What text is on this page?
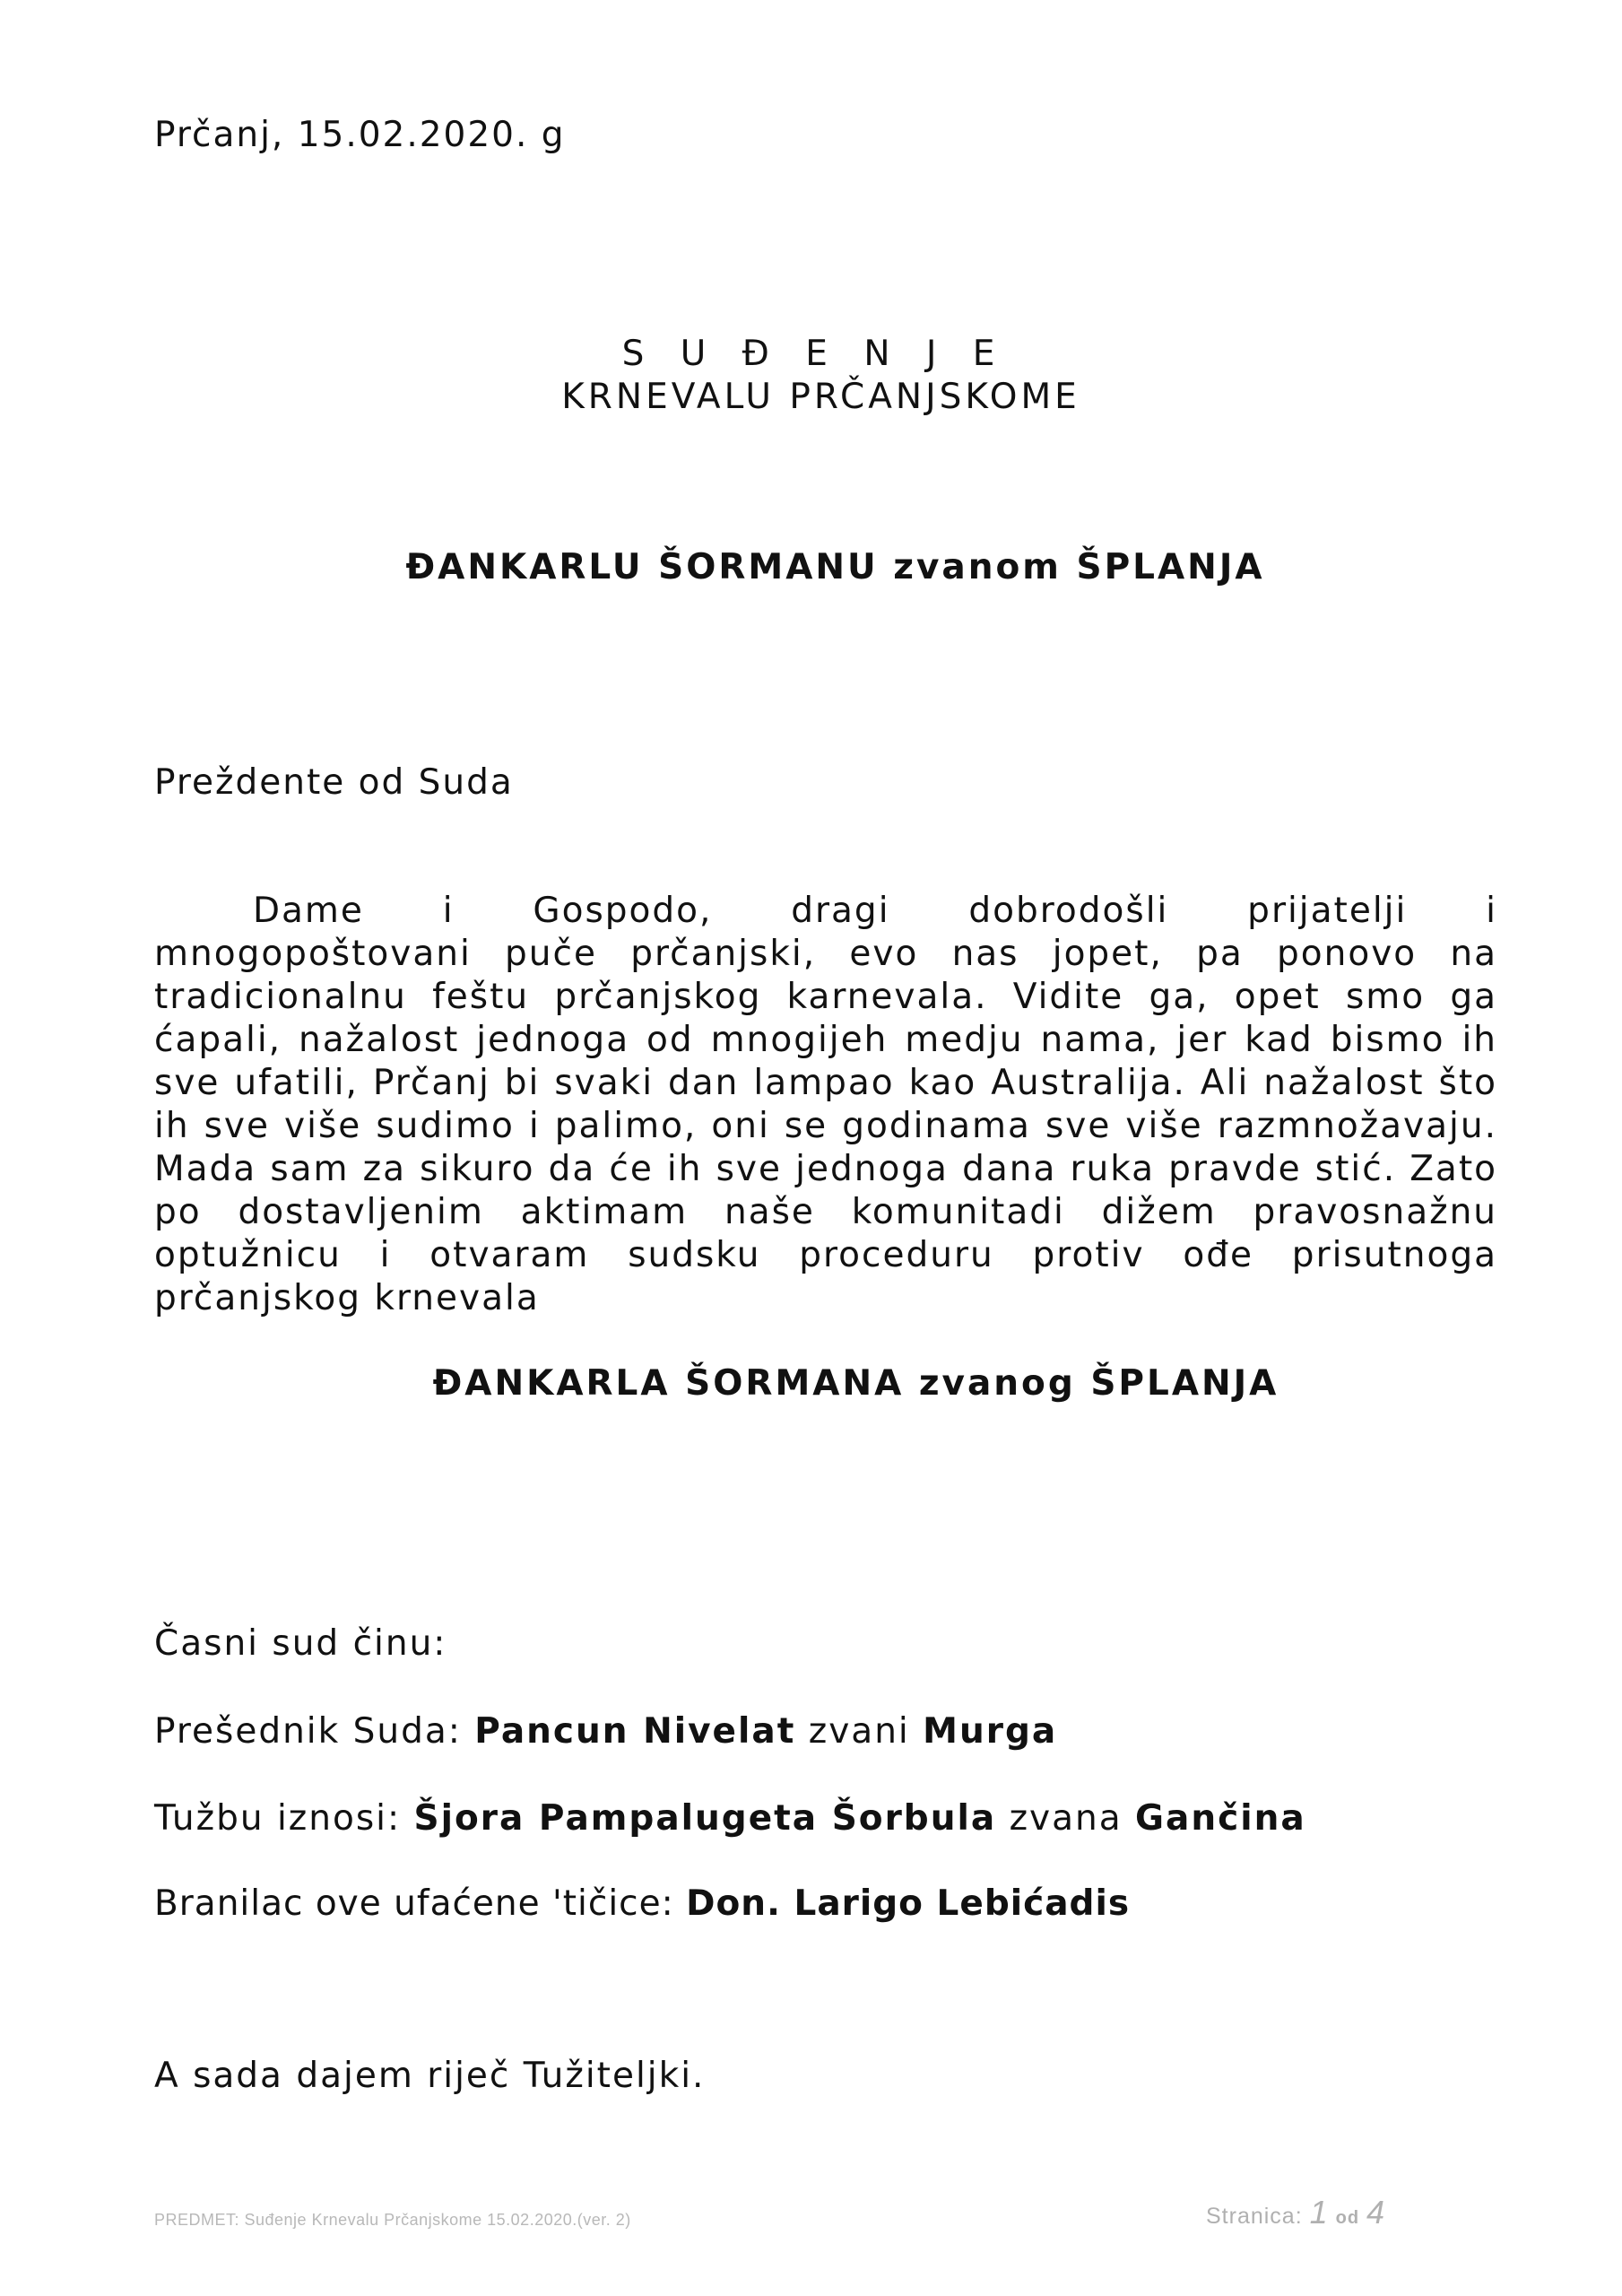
Prčanj, 15.02.2020. g
S U Đ E N J E
KRNEVALU PRČANJSKOME
ĐANKARLU ŠORMANU zvanom ŠPLANJA
Preždente od Suda
Dame i Gospodo, dragi dobrodošli prijatelji i
mnogopoštovani puče prčanjski, evo nas jopet, pa ponovo na tradicionalnu feštu prčanjskog karnevala. Vidite ga, opet smo ga ćapali, nažalost jednoga od mnogijeh medju nama, jer kad bismo ih sve ufatili, Prčanj bi svaki dan lampao kao Australija. Ali nažalost što ih sve više sudimo i palimo, oni se godinama sve više razmnožavaju. Mada sam za sikuro da će ih sve jednoga dana ruka pravde stić. Zato po dostavljenim aktimam naše komunitadi dižem pravosnažnu optužnicu i otvaram sudsku proceduru protiv ođe prisutnoga prčanjskog krnevala
ĐANKARLA ŠORMANA zvanog ŠPLANJA
Časni sud činu:
Prešednik Suda: Pancun Nivelat zvani Murga
Tužbu iznosi: Šjora Pampalugeta Šorbula zvana Gančina
Branilac ove ufaćene 'tičice: Don. Larigo Lebićadis
A sada dajem riječ Tužiteljki.
PREDMET: Suđenje Krnevalu Prčanjskome 15.02.2020.(ver. 2)	Stranica: 1 od 4
